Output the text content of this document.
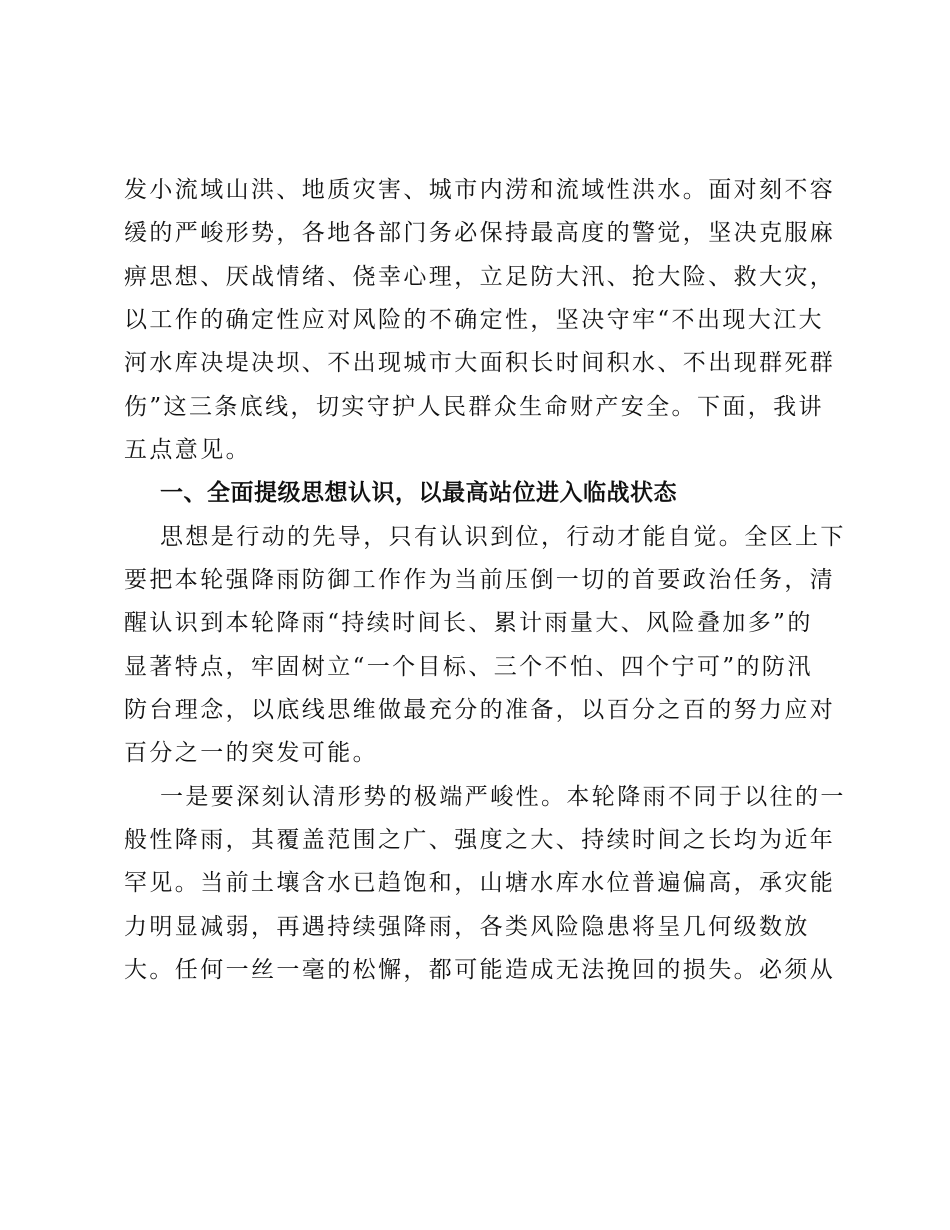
发小流域山洪、地质灾害、城市内涝和流域性洪水。面对刻不容
缓的严峻形势，各地各部门务必保持最高度的警觉，坚决克服麻
痹思想、厌战情绪、侥幸心理，立足防大汛、抢大险、救大灾，
以工作的确定性应对风险的不确定性，坚决守牢“不出现大江大
河水库决堤决坝、不出现城市大面积长时间积水、不出现群死群
伤”这三条底线，切实守护人民群众生命财产安全。下面，我讲
五点意见。
一、全面提级思想认识，以最高站位进入临战状态
思想是行动的先导，只有认识到位，行动才能自觉。全区上下
要把本轮强降雨防御工作作为当前压倒一切的首要政治任务，清
醒认识到本轮降雨“持续时间长、累计雨量大、风险叠加多”的
显著特点，牢固树立“一个目标、三个不怕、四个宁可”的防汛
防台理念，以底线思维做最充分的准备，以百分之百的努力应对
百分之一的突发可能。
一是要深刻认清形势的极端严峻性。本轮降雨不同于以往的一
般性降雨，其覆盖范围之广、强度之大、持续时间之长均为近年
罕见。当前土壤含水已趋饱和，山塘水库水位普遍偏高，承灾能
力明显减弱，再遇持续强降雨，各类风险隐患将呈几何级数放
大。任何一丝一毫的松懈，都可能造成无法挽回的损失。必须从
